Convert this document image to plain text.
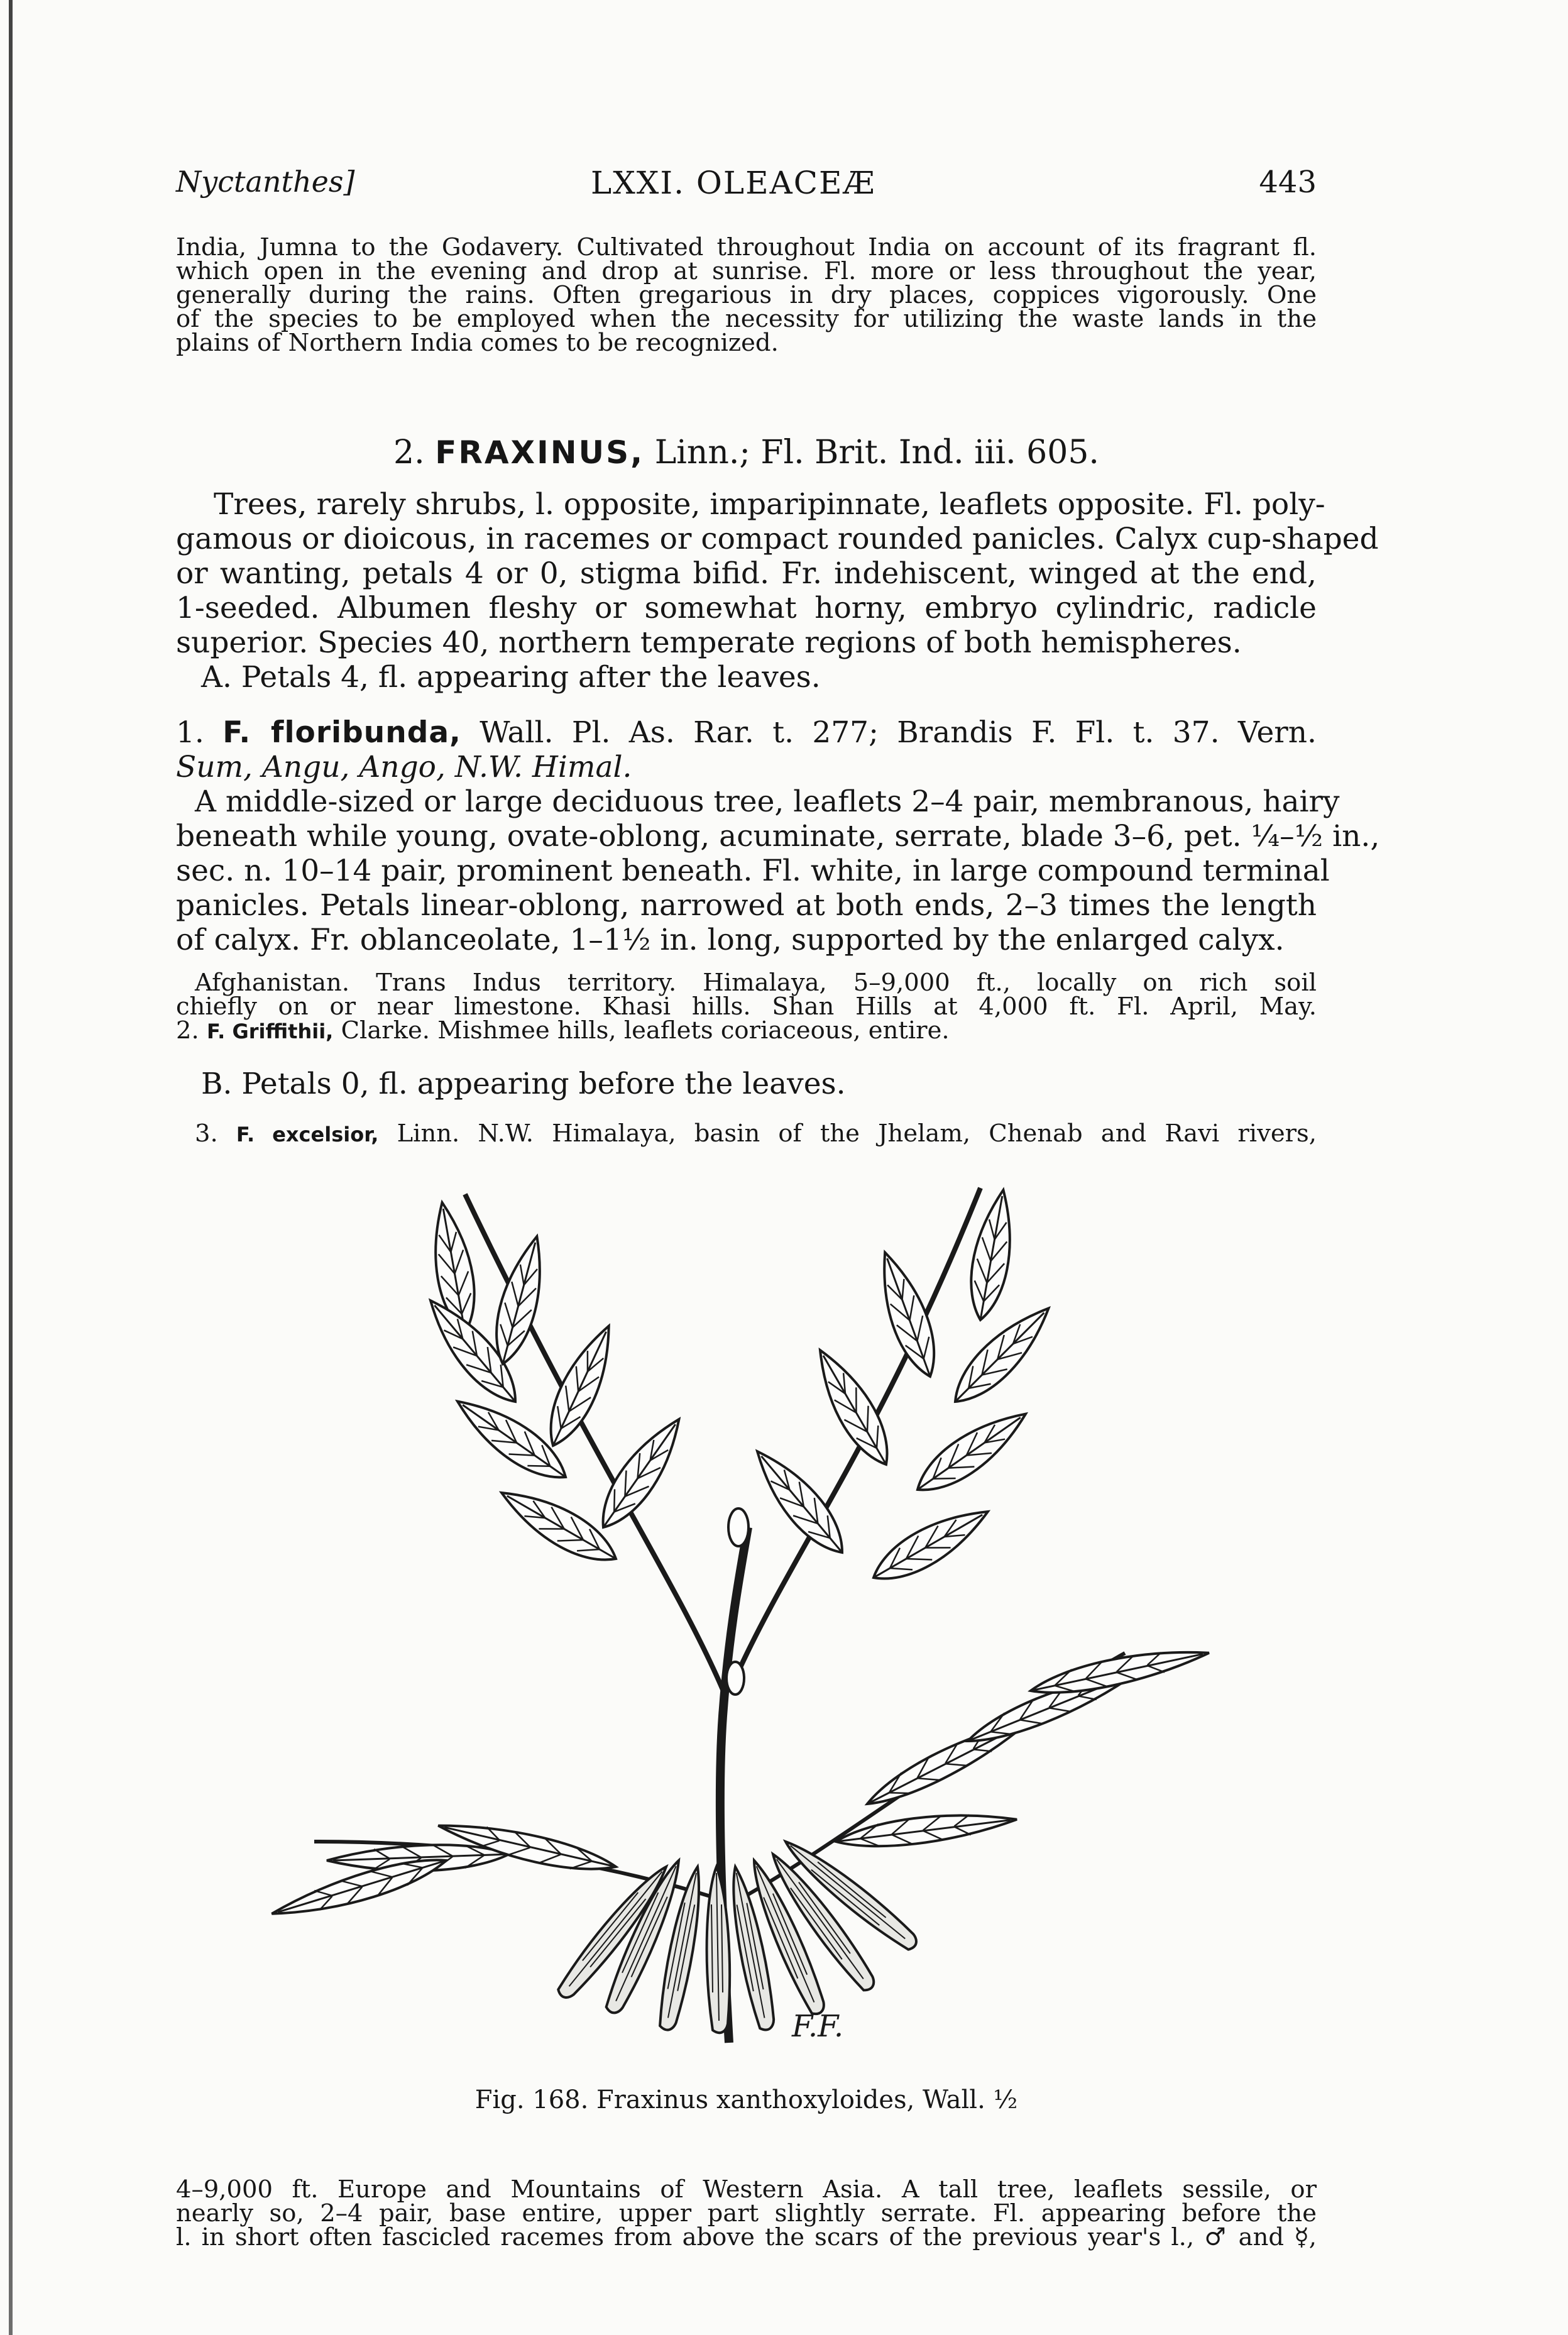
Nyctanthes]	LXXI. OLEACEÆ	443
India, Jumna to the Godavery. Cultivated throughout India on account of its fragrant fl.
which open in the evening and drop at sunrise. Fl. more or less throughout the year,
generally during the rains. Often gregarious in dry places, coppices vigorously. One
of the species to be employed when the necessity for utilizing the waste lands in the
plains of Northern India comes to be recognized.
2. FRAXINUS, Linn.; Fl. Brit. Ind. iii. 605.
Trees, rarely shrubs, l. opposite, imparipinnate, leaflets opposite. Fl. poly-
gamous or dioicous, in racemes or compact rounded panicles. Calyx cup-shaped
or wanting, petals 4 or 0, stigma bifid. Fr. indehiscent, winged at the end,
1-seeded. Albumen fleshy or somewhat horny, embryo cylindric, radicle
superior. Species 40, northern temperate regions of both hemispheres.
A. Petals 4, fl. appearing after the leaves.
1. F. floribunda, Wall. Pl. As. Rar. t. 277; Brandis F. Fl. t. 37. Vern.
Sum, Angu, Ango, N.W. Himal.
A middle-sized or large deciduous tree, leaflets 2–4 pair, membranous, hairy
beneath while young, ovate-oblong, acuminate, serrate, blade 3–6, pet. ¼–½ in.,
sec. n. 10–14 pair, prominent beneath. Fl. white, in large compound terminal
panicles. Petals linear-oblong, narrowed at both ends, 2–3 times the length
of calyx. Fr. oblanceolate, 1–1½ in. long, supported by the enlarged calyx.
Afghanistan. Trans Indus territory. Himalaya, 5–9,000 ft., locally on rich soil
chiefly on or near limestone. Khasi hills. Shan Hills at 4,000 ft. Fl. April, May.
2. F. Griffithii, Clarke. Mishmee hills, leaflets coriaceous, entire.
B. Petals 0, fl. appearing before the leaves.
3. F. excelsior, Linn. N.W. Himalaya, basin of the Jhelam, Chenab and Ravi rivers,
F.F.
Fig. 168. Fraxinus xanthoxyloides, Wall. ½
4–9,000 ft. Europe and Mountains of Western Asia. A tall tree, leaflets sessile, or
nearly so, 2–4 pair, base entire, upper part slightly serrate. Fl. appearing before the
l. in short often fascicled racemes from above the scars of the previous year's l., ♂ and ☿,
